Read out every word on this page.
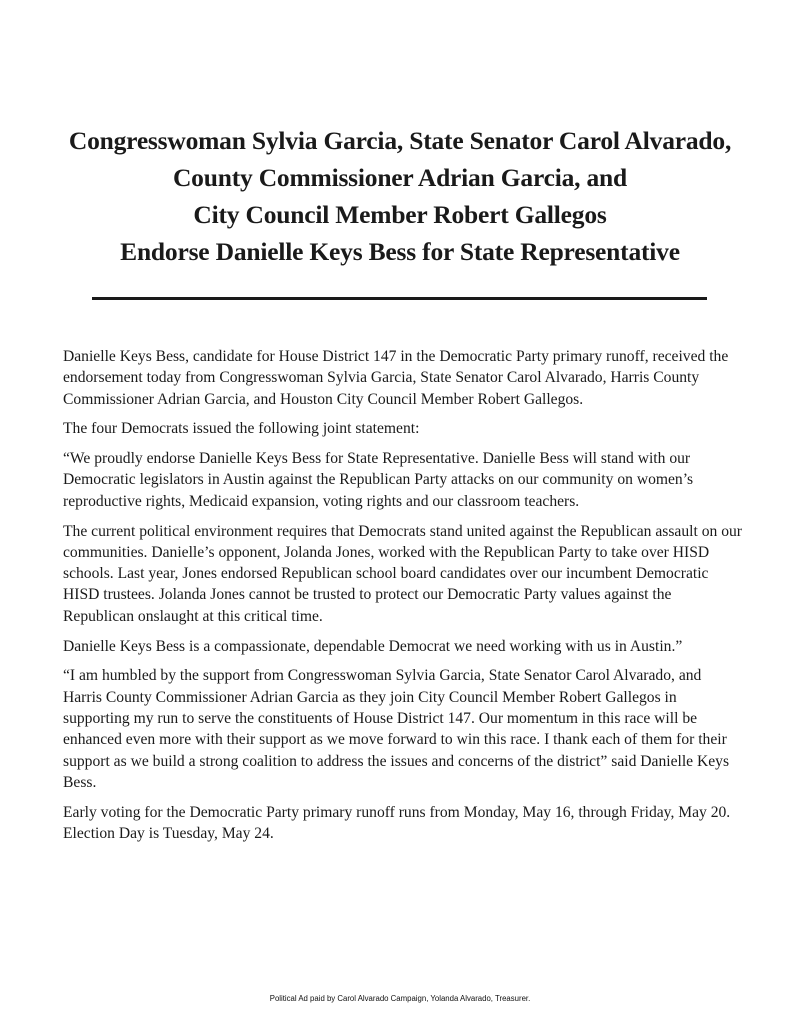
Congresswoman Sylvia Garcia, State Senator Carol Alvarado,
County Commissioner Adrian Garcia, and
City Council Member Robert Gallegos
Endorse Danielle Keys Bess for State Representative

Danielle Keys Bess, candidate for House District 147 in the Democratic Party primary runoff, received the endorsement today from Congresswoman Sylvia Garcia, State Senator Carol Alvarado, Harris County Commissioner Adrian Garcia, and Houston City Council Member Robert Gallegos.

The four Democrats issued the following joint statement:

“We proudly endorse Danielle Keys Bess for State Representative. Danielle Bess will stand with our Democratic legislators in Austin against the Republican Party attacks on our community on women’s reproductive rights, Medicaid expansion, voting rights and our classroom teachers.

The current political environment requires that Democrats stand united against the Republican assault on our communities. Danielle’s opponent, Jolanda Jones, worked with the Republican Party to take over HISD schools. Last year, Jones endorsed Republican school board candidates over our incumbent Democratic HISD trustees. Jolanda Jones cannot be trusted to protect our Democratic Party values against the Republican onslaught at this critical time.

Danielle Keys Bess is a compassionate, dependable Democrat we need working with us in Austin.”

“I am humbled by the support from Congresswoman Sylvia Garcia, State Senator Carol Alvarado, and Harris County Commissioner Adrian Garcia as they join City Council Member Robert Gallegos in supporting my run to serve the constituents of House District 147. Our momentum in this race will be enhanced even more with their support as we move forward to win this race. I thank each of them for their support as we build a strong coalition to address the issues and concerns of the district” said Danielle Keys Bess.

Early voting for the Democratic Party primary runoff runs from Monday, May 16, through Friday, May 20. Election Day is Tuesday, May 24.

Political Ad paid by Carol Alvarado Campaign, Yolanda Alvarado, Treasurer.
